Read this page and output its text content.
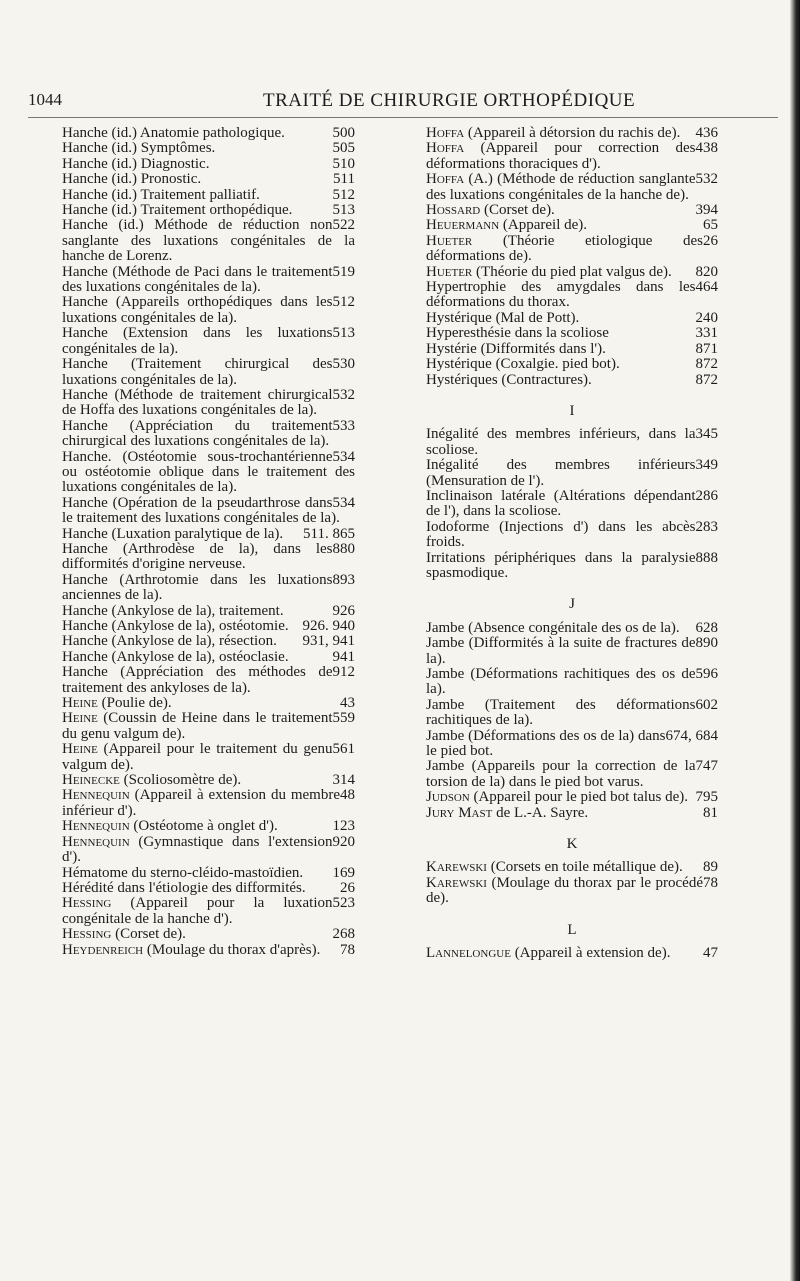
1044	TRAITÉ DE CHIRURGIE ORTHOPÉDIQUE

500
Hanche (id.) Anatomie pathologique.

505
Hanche (id.) Symptômes.

510
Hanche (id.) Diagnostic.

511
Hanche (id.) Pronostic.

512
Hanche (id.) Traitement palliatif.

513
Hanche (id.) Traitement orthopédique.

522
Hanche (id.) Méthode de réduction non sanglante des luxations congénitales de la hanche de Lorenz.

519
Hanche (Méthode de Paci dans le traitement des luxations congénitales de la).

512
Hanche (Appareils orthopédiques dans les luxations congénitales de la).

513
Hanche (Extension dans les luxations congénitales de la).

530
Hanche (Traitement chirurgical des luxations congénitales de la).

532
Hanche (Méthode de traitement chirurgical de Hoffa des luxations congénitales de la).

533
Hanche (Appréciation du traitement chirurgical des luxations congénitales de la).

534
Hanche. (Ostéotomie sous-trochantérienne ou ostéotomie oblique dans le traitement des luxations congénitales de la).

534
Hanche (Opération de la pseudarthrose dans le traitement des luxations congénitales de la).

511. 865
Hanche (Luxation paralytique de la).

880
Hanche (Arthrodèse de la), dans les difformités d'origine nerveuse.

893
Hanche (Arthrotomie dans les luxations anciennes de la).

926
Hanche (Ankylose de la), traitement.

926. 940
Hanche (Ankylose de la), ostéotomie.

931, 941
Hanche (Ankylose de la), résection.

941
Hanche (Ankylose de la), ostéoclasie.

912
Hanche (Appréciation des méthodes de traitement des ankyloses de la).

43
Heine (Poulie de).

559
Heine (Coussin de Heine dans le traitement du genu valgum de).

561
Heine (Appareil pour le traitement du genu valgum de).

314
Heinecke (Scoliosomètre de).

48
Hennequin (Appareil à extension du membre inférieur d').

123
Hennequin (Ostéotome à onglet d').

920
Hennequin (Gymnastique dans l'extension d').

169
Hématome du sterno-cléido-mastoïdien.

26
Hérédité dans l'étiologie des difformités.

523
Hessing (Appareil pour la luxation congénitale de la hanche d').

268
Hessing (Corset de).

78
Heydenreich (Moulage du thorax d'après).

436
Hoffa (Appareil à détorsion du rachis de).

438
Hoffa (Appareil pour correction des déformations thoraciques d').

532
Hoffa (A.) (Méthode de réduction sanglante des luxations congénitales de la hanche de).

394
Hossard (Corset de).

65
Heuermann (Appareil de).

26
Hueter (Théorie etiologique des déformations de).

820
Hueter (Théorie du pied plat valgus de).

464
Hypertrophie des amygdales dans les déformations du thorax.

240
Hystérique (Mal de Pott).

331
Hyperesthésie dans la scoliose

871
Hystérie (Difformités dans l').

872
Hystérique (Coxalgie. pied bot).

872
Hystériques (Contractures).

I

345
Inégalité des membres inférieurs, dans la scoliose.

349
Inégalité des membres inférieurs (Mensuration de l').

286
Inclinaison latérale (Altérations dépendant de l'), dans la scoliose.

283
Iodoforme (Injections d') dans les abcès froids.

888
Irritations périphériques dans la paralysie spasmodique.

J

628
Jambe (Absence congénitale des os de la).

890
Jambe (Difformités à la suite de fractures de la).

596
Jambe (Déformations rachitiques des os de la).

602
Jambe (Traitement des déformations rachitiques de la).

674, 684
Jambe (Déformations des os de la) dans le pied bot.

747
Jambe (Appareils pour la correction de la torsion de la) dans le pied bot varus.

795
Judson (Appareil pour le pied bot talus de).

81
Jury Mast de L.-A. Sayre.

K

89
Karewski (Corsets en toile métallique de).

78
Karewski (Moulage du thorax par le procédé de).

L

47
Lannelongue (Appareil à extension de).
